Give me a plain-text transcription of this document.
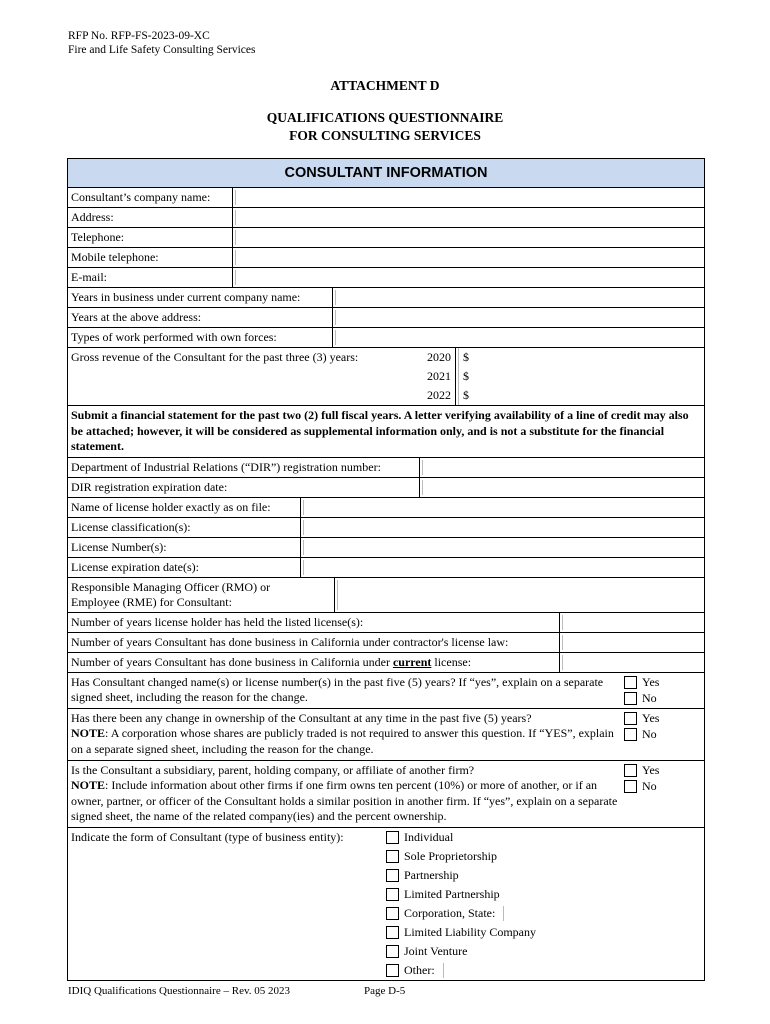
RFP No. RFP-FS-2023-09-XC
Fire and Life Safety Consulting Services
ATTACHMENT D
QUALIFICATIONS QUESTIONNAIRE
FOR CONSULTING SERVICES
CONSULTANT INFORMATION
Consultant’s company name:
Address:
Telephone:
Mobile telephone:
E-mail:
Years in business under current company name:
Years at the above address:
Types of work performed with own forces:
Gross revenue of the Consultant for the past three (3) years:	2020	$
2021	$
2022	$
Submit a financial statement for the past two (2) full fiscal years. A letter verifying availability of a line of credit may also be attached; however, it will be considered as supplemental information only, and is not a substitute for the financial statement.
Department of Industrial Relations (“DIR”) registration number:
DIR registration expiration date:
Name of license holder exactly as on file:
License classification(s):
License Number(s):
License expiration date(s):
Responsible Managing Officer (RMO) or
Employee (RME) for Consultant:
Number of years license holder has held the listed license(s):
Number of years Consultant has done business in California under contractor's license law:
Number of years Consultant has done business in California under current license:
Has Consultant changed name(s) or license number(s) in the past five (5) years? If “yes”, explain on a separate signed sheet, including the reason for the change.
Yes
No
Has there been any change in ownership of the Consultant at any time in the past five (5) years?
NOTE: A corporation whose shares are publicly traded is not required to answer this question. If “YES”, explain on a separate signed sheet, including the reason for the change.
Yes
No
Is the Consultant a subsidiary, parent, holding company, or affiliate of another firm?
NOTE: Include information about other firms if one firm owns ten percent (10%) or more of another, or if an owner, partner, or officer of the Consultant holds a similar position in another firm. If “yes”, explain on a separate signed sheet, the name of the related company(ies) and the percent ownership.
Yes
No
Indicate the form of Consultant (type of business entity):	Individual
Sole Proprietorship
Partnership
Limited Partnership
Corporation, State:
Limited Liability Company
Joint Venture
Other:
IDIQ Qualifications Questionnaire – Rev. 05 2023	Page D-5
